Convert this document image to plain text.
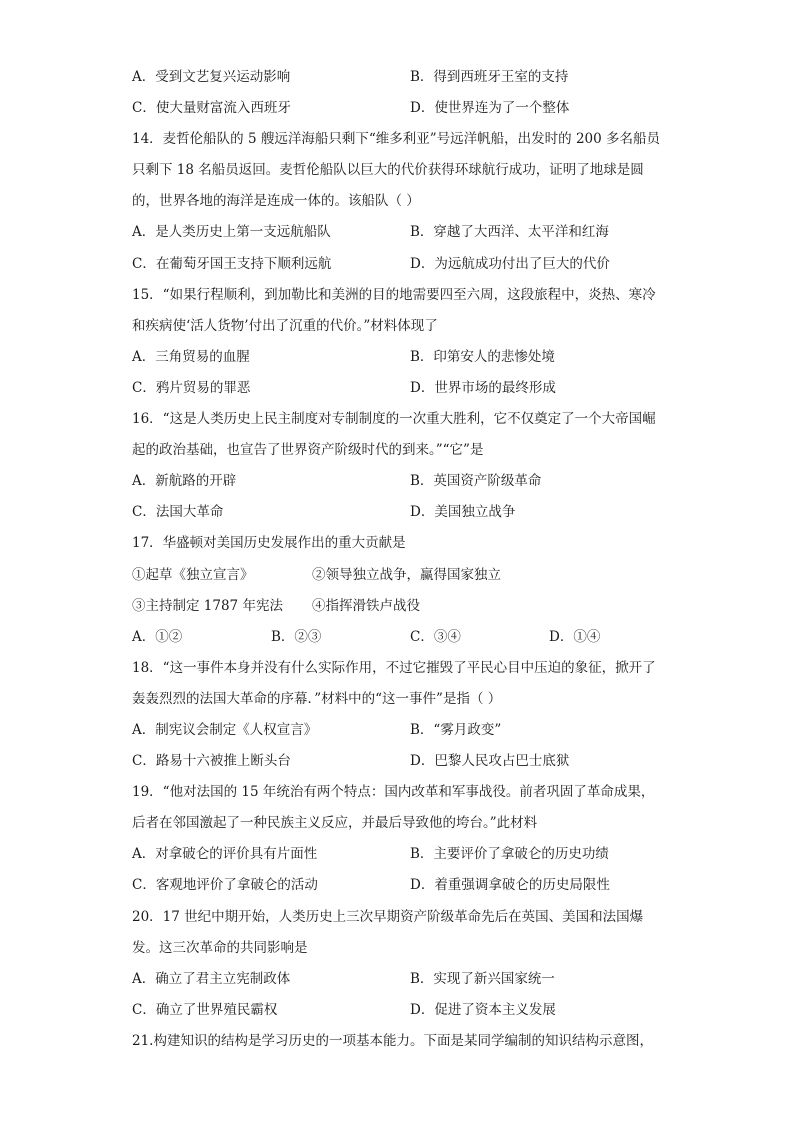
A．受到文艺复兴运动影响	B．得到西班牙王室的支持
C．使大量财富流入西班牙	D．使世界连为了一个整体
14．麦哲伦船队的 5 艘远洋海船只剩下“维多利亚”号远洋帆船，出发时的 200 多名船员只剩下 18 名船员返回。麦哲伦船队以巨大的代价获得环球航行成功，证明了地球是圆的，世界各地的海洋是连成一体的。该船队（ ）
A．是人类历史上第一支远航船队	B．穿越了大西洋、太平洋和红海
C．在葡萄牙国王支持下顺利远航	D．为远航成功付出了巨大的代价
15．“如果行程顺利，到加勒比和美洲的目的地需要四至六周，这段旅程中，炎热、寒冷和疾病使‘活人货物’付出了沉重的代价。”材料体现了
A．三角贸易的血腥	B．印第安人的悲惨处境
C．鸦片贸易的罪恶	D．世界市场的最终形成
16．“这是人类历史上民主制度对专制制度的一次重大胜利，它不仅奠定了一个大帝国崛起的政治基础，也宣告了世界资产阶级时代的到来。”“它”是
A．新航路的开辟	B．英国资产阶级革命
C．法国大革命	D．美国独立战争
17．华盛顿对美国历史发展作出的重大贡献是
①起草《独立宣言》	②领导独立战争，赢得国家独立
③主持制定 1787 年宪法	④指挥滑铁卢战役
A．①②	B．②③	C．③④	D．①④
18．“这一事件本身并没有什么实际作用，不过它摧毁了平民心目中压迫的象征，掀开了轰轰烈烈的法国大革命的序幕．”材料中的“这一事件”是指（ ）
A．制宪议会制定《人权宣言》	B．“雾月政变”
C．路易十六被推上断头台	D．巴黎人民攻占巴士底狱
19．“他对法国的 15 年统治有两个特点：国内改革和军事战役。前者巩固了革命成果，后者在邻国激起了一种民族主义反应，并最后导致他的垮台。”此材料
A．对拿破仑的评价具有片面性	B．主要评价了拿破仑的历史功绩
C．客观地评价了拿破仑的活动	D．着重强调拿破仑的历史局限性
20．17 世纪中期开始，人类历史上三次早期资产阶级革命先后在英国、美国和法国爆发。这三次革命的共同影响是
A．确立了君主立宪制政体	B．实现了新兴国家统一
C．确立了世界殖民霸权	D．促进了资本主义发展
21.构建知识的结构是学习历史的一项基本能力。下面是某同学编制的知识结构示意图，
